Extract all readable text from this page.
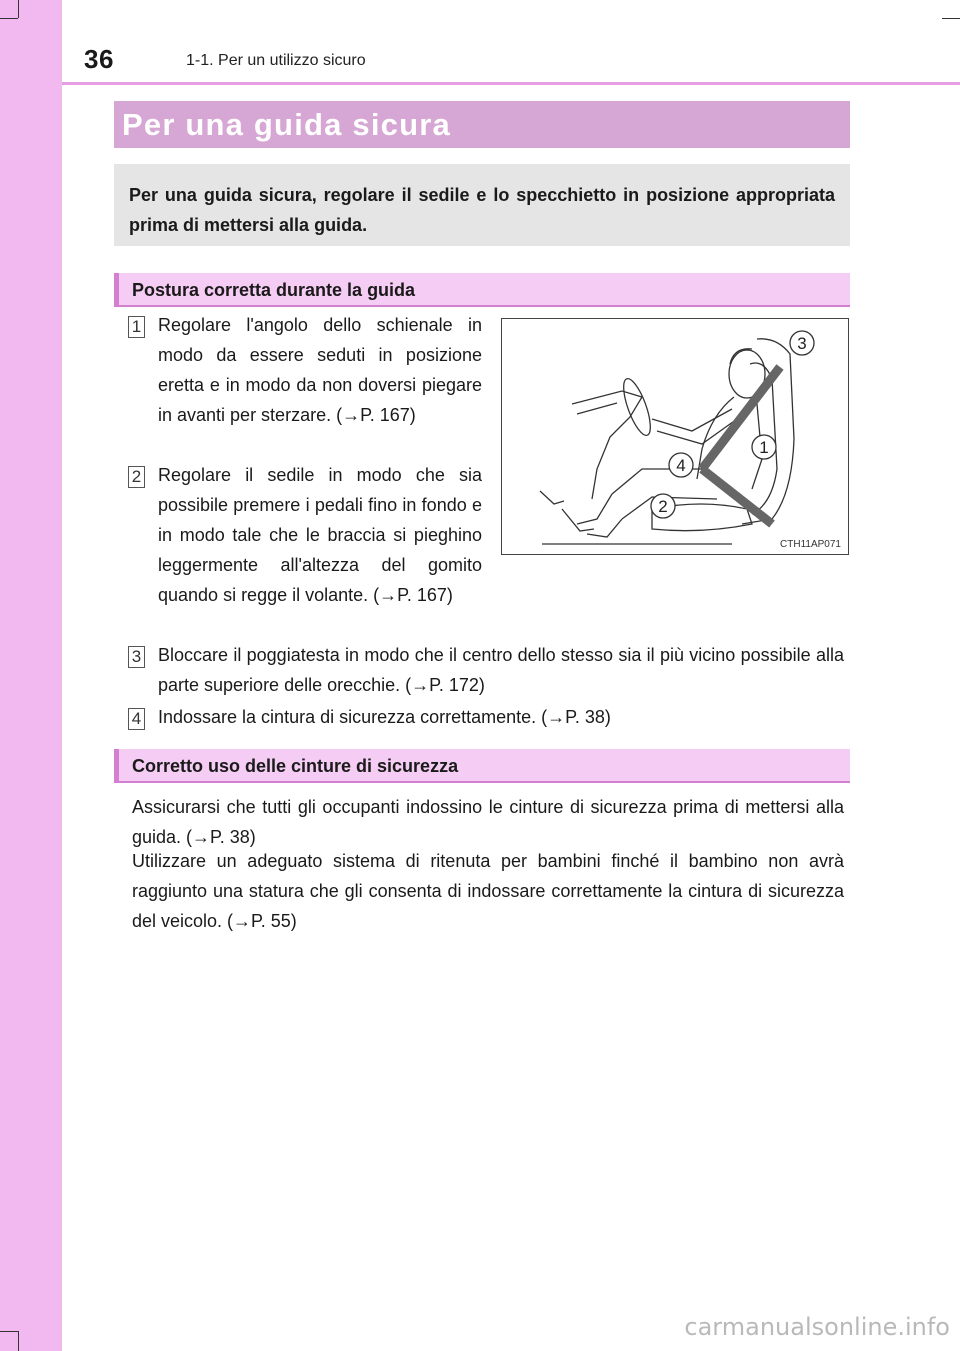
36	1-1. Per un utilizzo sicuro
Per una guida sicura
Per una guida sicura, regolare il sedile e lo specchietto in posizione appropriata prima di mettersi alla guida.
Postura corretta durante la guida
1 Regolare l'angolo dello schienale in modo da essere seduti in posizione eretta e in modo da non doversi piegare in avanti per sterzare. (→P. 167)
2 Regolare il sedile in modo che sia possibile premere i pedali fino in fondo e in modo tale che le braccia si pieghino leggermente all'altezza del gomito quando si regge il volante. (→P. 167)
3 Bloccare il poggiatesta in modo che il centro dello stesso sia il più vicino possibile alla parte superiore delle orecchie. (→P. 172)
4 Indossare la cintura di sicurezza correttamente. (→P. 38)
3
1
4
2
CTH11AP071
Corretto uso delle cinture di sicurezza
Assicurarsi che tutti gli occupanti indossino le cinture di sicurezza prima di mettersi alla guida. (→P. 38)
Utilizzare un adeguato sistema di ritenuta per bambini finché il bambino non avrà raggiunto una statura che gli consenta di indossare correttamente la cintura di sicurezza del veicolo. (→P. 55)
carmanualsonline.info
